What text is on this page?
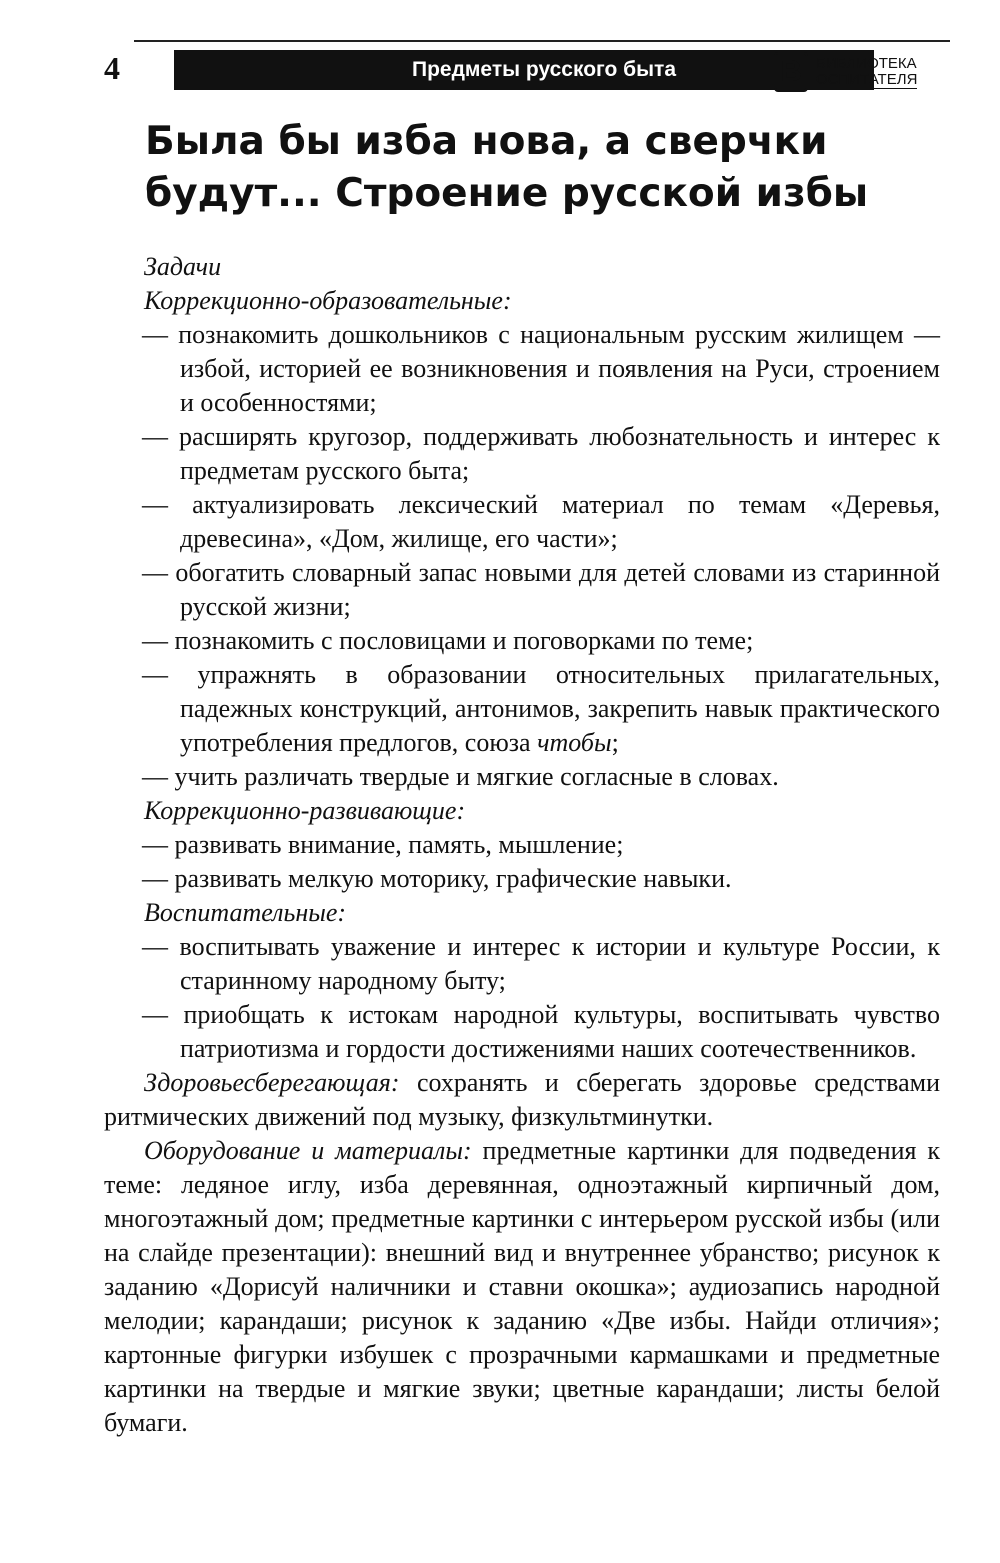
4	Предметы русского быта	В БИБЛИОТЕКА
ОСПИТАТЕЛЯ
Была бы изба нова, а сверчки
будут... Строение русской избы

Задачи

Коррекционно-образовательные:

— познакомить дошкольников с национальным русским жилищем — избой, историей ее возникновения и появления на Руси, строением и особенностями;

— расширять кругозор, поддерживать любознательность и интерес к предметам русского быта;

— актуализировать лексический материал по темам «Деревья, древесина», «Дом, жилище, его части»;

— обогатить словарный запас новыми для детей словами из старинной русской жизни;

— познакомить с пословицами и поговорками по теме;

— упражнять в образовании относительных прилагательных, падежных конструкций, антонимов, закрепить навык практического употребления предлогов, союза чтобы;

— учить различать твердые и мягкие согласные в словах.

Коррекционно-развивающие:

— развивать внимание, память, мышление;

— развивать мелкую моторику, графические навыки.

Воспитательные:

— воспитывать уважение и интерес к истории и культуре России, к старинному народному быту;

— приобщать к истокам народной культуры, воспитывать чувство патриотизма и гордости достижениями наших соотечественников.

Здоровьесберегающая: сохранять и сберегать здоровье средствами ритмических движений под музыку, физкультминутки.

Оборудование и материалы: предметные картинки для подведения к теме: ледяное иглу, изба деревянная, одноэтажный кирпичный дом, многоэтажный дом; предметные картинки с интерьером русской избы (или на слайде презентации): внешний вид и внутреннее убранство; рисунок к заданию «Дорисуй наличники и ставни окошка»; аудиозапись народной мелодии; карандаши; рисунок к заданию «Две избы. Найди отличия»; картонные фигурки избушек с прозрачными кармашками и предметные картинки на твердые и мягкие звуки; цветные карандаши; листы белой бумаги.
